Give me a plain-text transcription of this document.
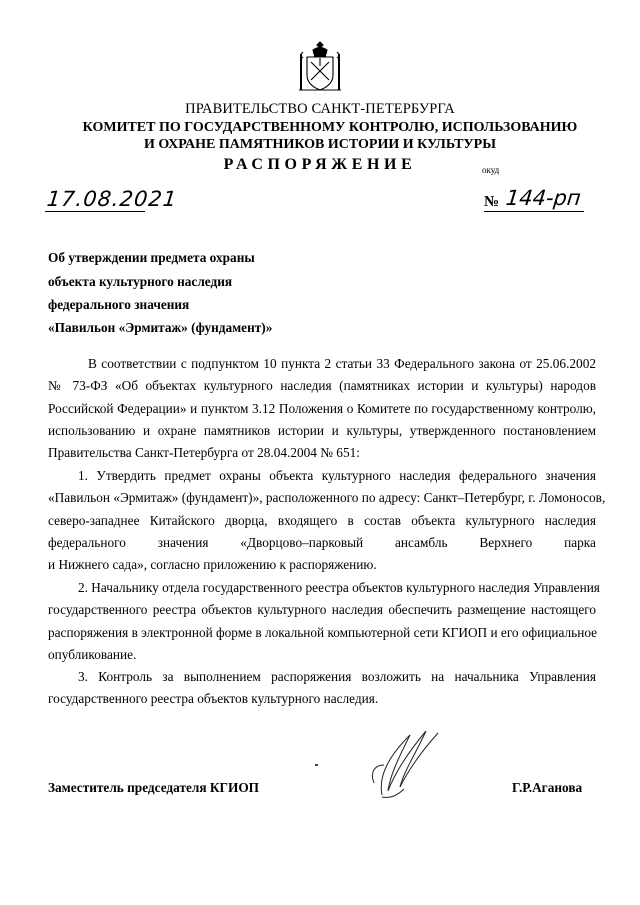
ПРАВИТЕЛЬСТВО САНКТ-ПЕТЕРБУРГА
КОМИТЕТ ПО ГОСУДАРСТВЕННОМУ КОНТРОЛЮ, ИСПОЛЬЗОВАНИЮ
И ОХРАНЕ ПАМЯТНИКОВ ИСТОРИИ И КУЛЬТУРЫ
РАСПОРЯЖЕНИЕ	окуд
17.08.2021	№ 144-рп
Об утверждении предмета охраны
объекта культурного наследия
федерального значения
«Павильон «Эрмитаж» (фундамент)»
В соответствии с подпунктом 10 пункта 2 статьи 33 Федерального закона от 25.06.2002
№ 73-ФЗ «Об объектах культурного наследия (памятниках истории и культуры) народов
Российской Федерации» и пунктом 3.12 Положения о Комитете по государственному контролю,
использованию и охране памятников истории и культуры, утвержденного постановлением
Правительства Санкт-Петербурга от 28.04.2004 № 651:
1. Утвердить предмет охраны объекта культурного наследия федерального значения
«Павильон «Эрмитаж» (фундамент)», расположенного по адресу: Санкт–Петербург, г. Ломоносов,
северо-западнее Китайского дворца, входящего в состав объекта культурного наследия
федерального значения «Дворцово–парковый ансамбль Верхнего парка
и Нижнего сада», согласно приложению к распоряжению.
2. Начальнику отдела государственного реестра объектов культурного наследия Управления
государственного реестра объектов культурного наследия обеспечить размещение настоящего
распоряжения в электронной форме в локальной компьютерной сети КГИОП и его официальное
опубликование.
3. Контроль за выполнением распоряжения возложить на начальника Управления
государственного реестра объектов культурного наследия.
Заместитель председателя КГИОП	Г.Р.Аганова
